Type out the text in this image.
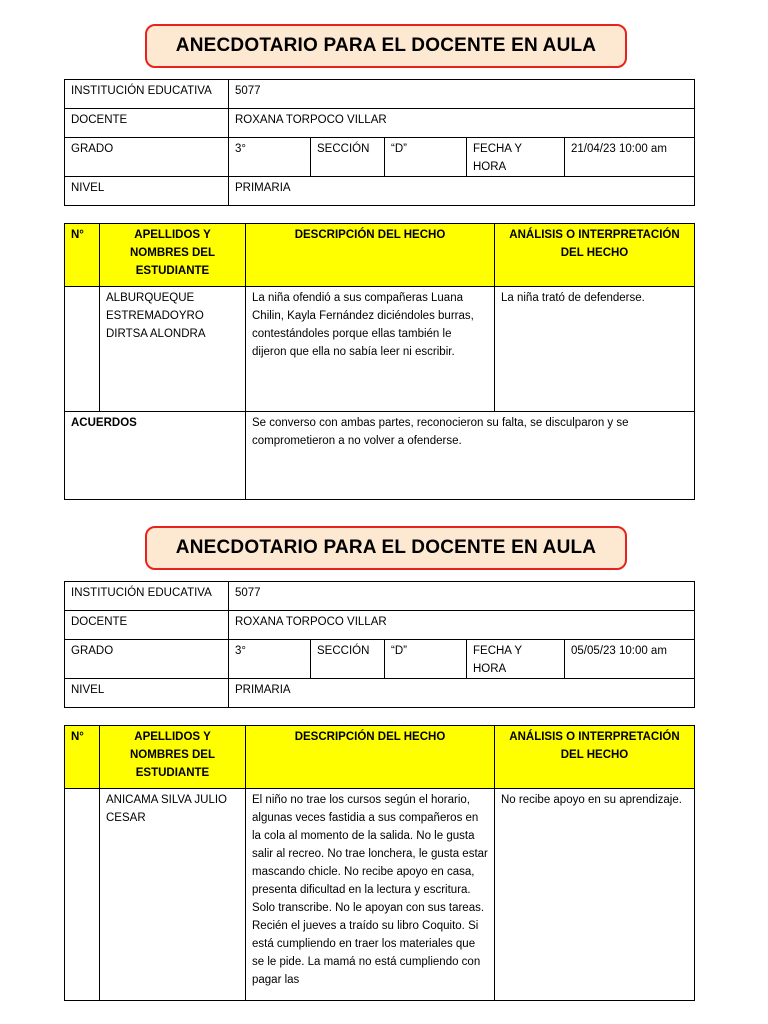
ANECDOTARIO PARA EL DOCENTE EN AULA
INSTITUCIÓN EDUCATIVA	5077				
DOCENTE	ROXANA TORPOCO VILLAR				
GRADO	3°	SECCIÓN	“D”	FECHA Y HORA	21/04/23 10:00 am
NIVEL	PRIMARIA				
N°	APELLIDOS Y NOMBRES DEL ESTUDIANTE	DESCRIPCIÓN DEL HECHO	ANÁLISIS O INTERPRETACIÓN DEL HECHO
	ALBURQUEQUE ESTREMADOYRO DIRTSA ALONDRA	La niña ofendió a sus compañeras Luana Chilin, Kayla Fernández diciéndoles burras, contestándoles porque ellas también le dijeron que ella no sabía leer ni escribir.	La niña trató de defenderse.
ACUERDOS		Se converso con ambas partes, reconocieron su falta, se disculparon y se comprometieron a no volver a ofenderse.	
ANECDOTARIO PARA EL DOCENTE EN AULA
INSTITUCIÓN EDUCATIVA	5077				
DOCENTE	ROXANA TORPOCO VILLAR				
GRADO	3°	SECCIÓN	“D”	FECHA Y HORA	05/05/23 10:00 am
NIVEL	PRIMARIA				
N°	APELLIDOS Y NOMBRES DEL ESTUDIANTE	DESCRIPCIÓN DEL HECHO	ANÁLISIS O INTERPRETACIÓN DEL HECHO
	ANICAMA SILVA JULIO CESAR	El niño no trae los cursos según el horario, algunas veces fastidia a sus compañeros en la cola al momento de la salida. No le gusta salir al recreo. No trae lonchera, le gusta estar mascando chicle. No recibe apoyo en casa, presenta dificultad en la lectura y escritura. Solo transcribe. No le apoyan con sus tareas. Recién el jueves a traído su libro Coquito. Si está cumpliendo en traer los materiales que se le pide. La mamá no está cumpliendo con pagar las	No recibe apoyo en su aprendizaje.
